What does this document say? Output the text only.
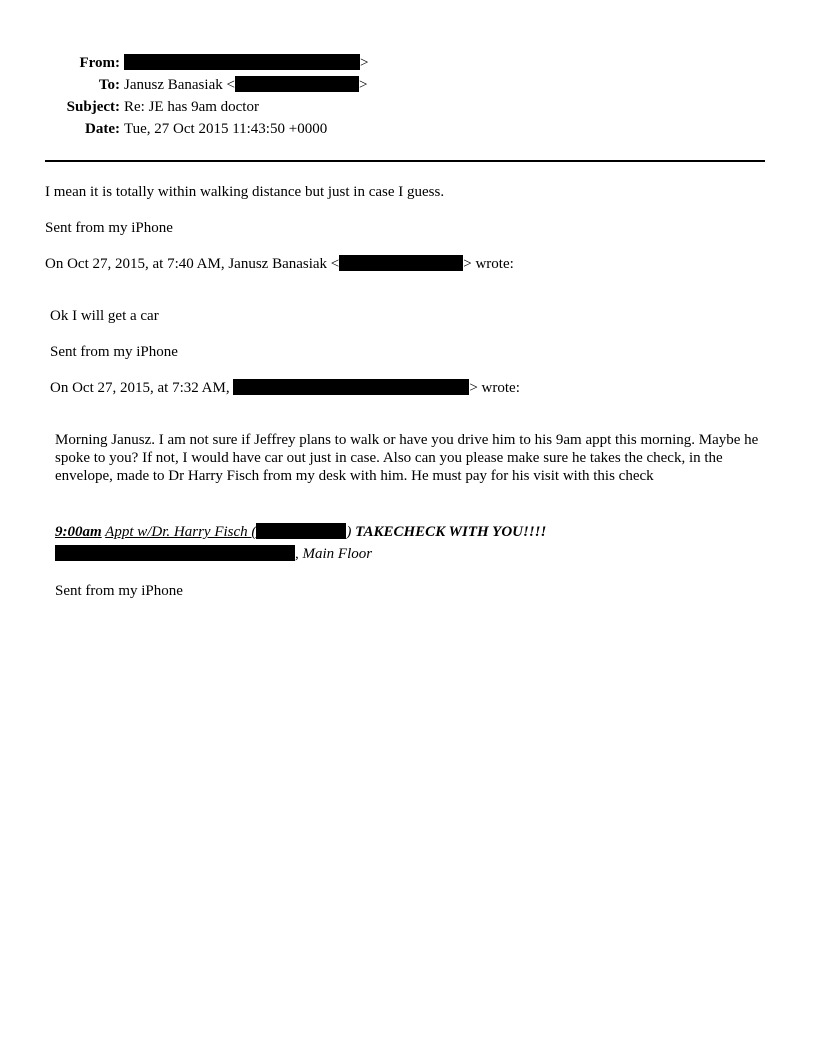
From:	>
To: Janusz Banasiak <	>
Subject: Re: JE has 9am doctor
Date: Tue, 27 Oct 2015 11:43:50 +0000
I mean it is totally within walking distance but just in case I guess.
Sent from my iPhone
On Oct 27, 2015, at 7:40 AM, Janusz Banasiak <	> wrote:
Ok I will get a car
Sent from my iPhone
On Oct 27, 2015, at 7:32 AM,	> wrote:
Morning Janusz. I am not sure if Jeffrey plans to walk or have you drive him to his 9am appt this morning. Maybe he spoke to you? If not, I would have car out just in case. Also can you please make sure he takes the check, in the envelope, made to Dr Harry Fisch from my desk with him. He must pay for his visit with this check
9:00am Appt w/Dr. Harry Fisch (	) TAKECHECK WITH YOU!!!!
, Main Floor
Sent from my iPhone
